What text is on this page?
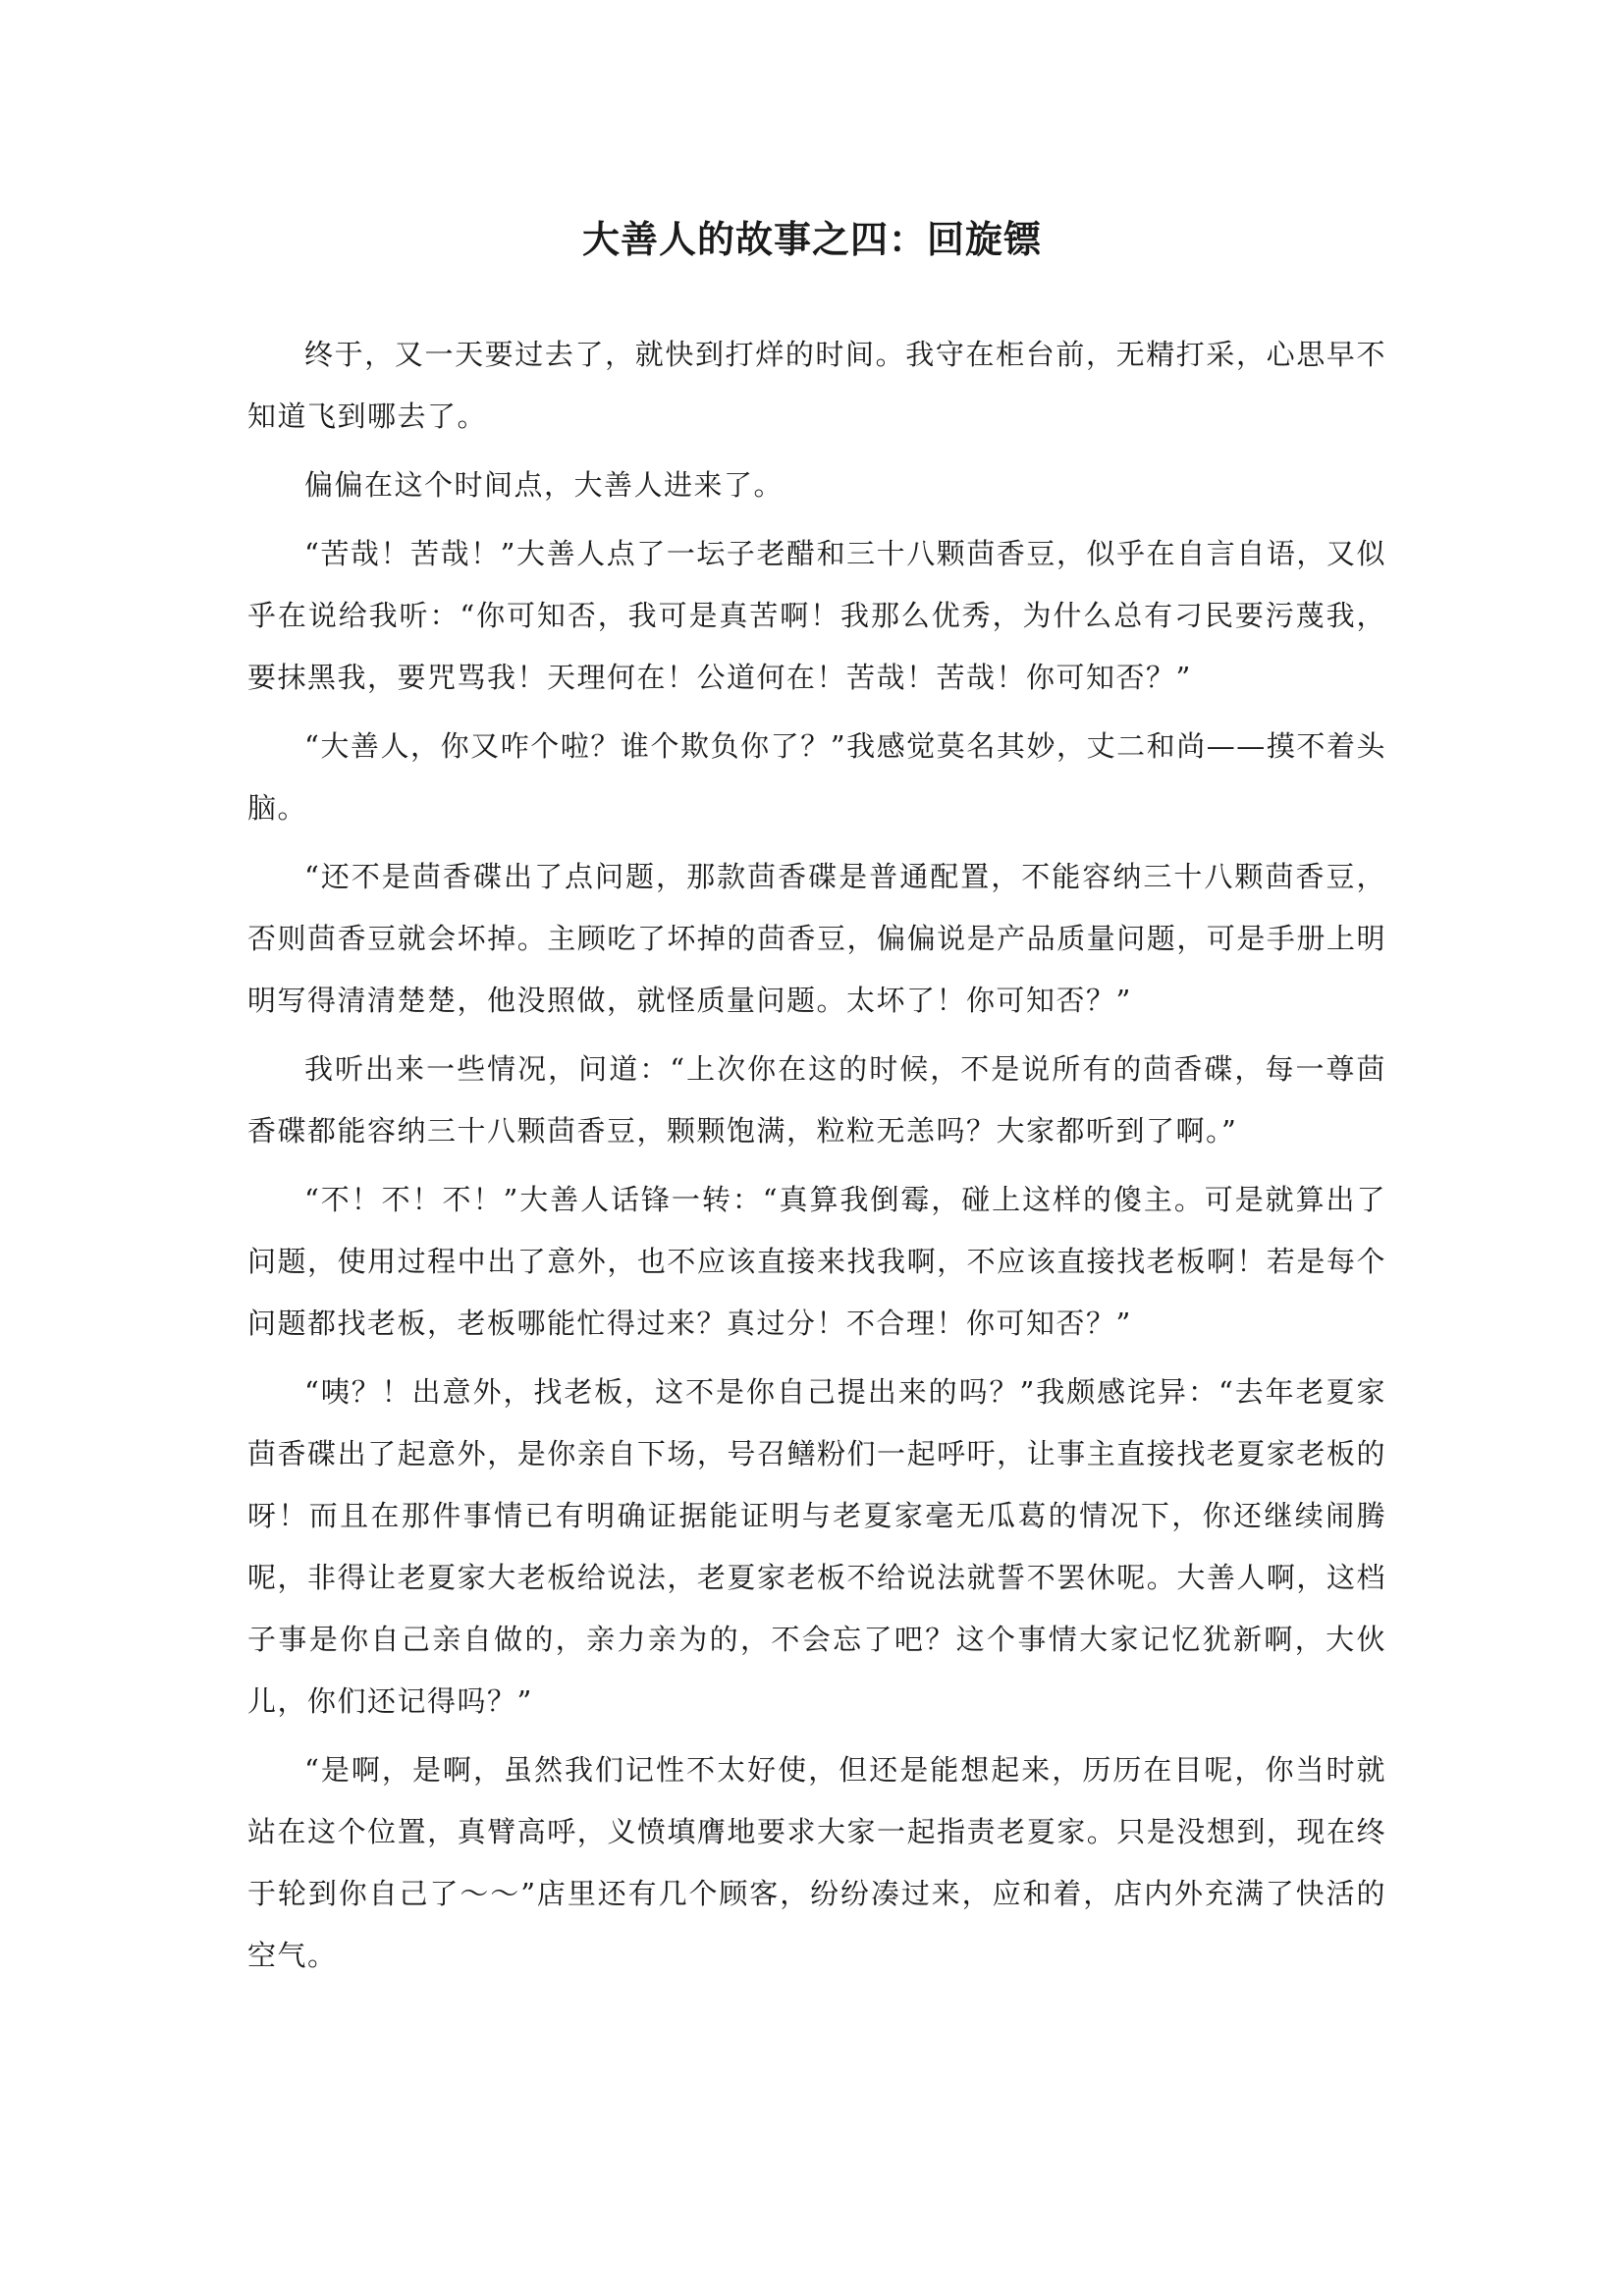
大善人的故事之四：回旋镖

终于，又一天要过去了，就快到打烊的时间。我守在柜台前，无精打采，心思早不知道飞到哪去了。

偏偏在这个时间点，大善人进来了。

“苦哉！苦哉！”大善人点了一坛子老醋和三十八颗茴香豆，似乎在自言自语，又似乎在说给我听：“你可知否，我可是真苦啊！我那么优秀，为什么总有刁民要污蔑我，要抹黑我，要咒骂我！天理何在！公道何在！苦哉！苦哉！你可知否？”

“大善人，你又咋个啦？谁个欺负你了？”我感觉莫名其妙，丈二和尚——摸不着头脑。

“还不是茴香碟出了点问题，那款茴香碟是普通配置，不能容纳三十八颗茴香豆，否则茴香豆就会坏掉。主顾吃了坏掉的茴香豆，偏偏说是产品质量问题，可是手册上明明写得清清楚楚，他没照做，就怪质量问题。太坏了！你可知否？”

我听出来一些情况，问道：“上次你在这的时候，不是说所有的茴香碟，每一尊茴香碟都能容纳三十八颗茴香豆，颗颗饱满，粒粒无恙吗？大家都听到了啊。”

“不！不！不！”大善人话锋一转：“真算我倒霉，碰上这样的傻主。可是就算出了问题，使用过程中出了意外，也不应该直接来找我啊，不应该直接找老板啊！若是每个问题都找老板，老板哪能忙得过来？真过分！不合理！你可知否？”

“咦？！出意外，找老板，这不是你自己提出来的吗？”我颇感诧异：“去年老夏家茴香碟出了起意外，是你亲自下场，号召鳝粉们一起呼吁，让事主直接找老夏家老板的呀！而且在那件事情已有明确证据能证明与老夏家毫无瓜葛的情况下，你还继续闹腾呢，非得让老夏家大老板给说法，老夏家老板不给说法就誓不罢休呢。大善人啊，这档子事是你自己亲自做的，亲力亲为的，不会忘了吧？这个事情大家记忆犹新啊，大伙儿，你们还记得吗？”

“是啊，是啊，虽然我们记性不太好使，但还是能想起来，历历在目呢，你当时就站在这个位置，真臂高呼，义愤填膺地要求大家一起指责老夏家。只是没想到，现在终于轮到你自己了～～”店里还有几个顾客，纷纷凑过来，应和着，店内外充满了快活的空气。
